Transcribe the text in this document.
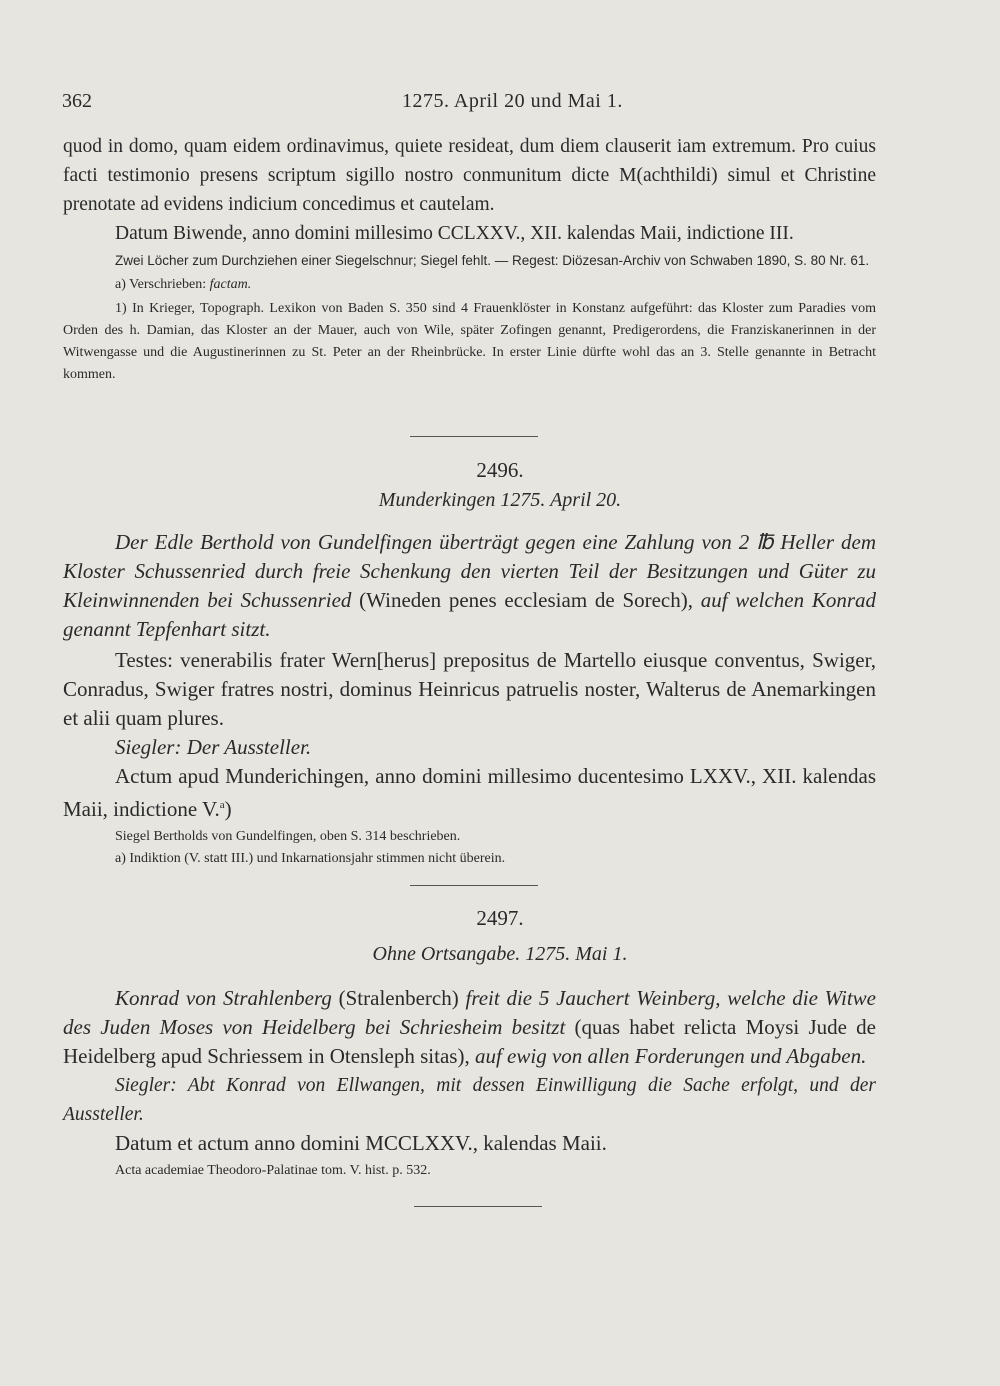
362	1275. April 20 und Mai 1.

quod in domo, quam eidem ordinavimus, quiete resideat, dum diem clauserit iam extremum. Pro cuius facti testimonio presens scriptum sigillo nostro conmunitum dicte M(achthildi) simul et Christine prenotate ad evidens indicium concedimus et cautelam.

Datum Biwende, anno domini millesimo CCLXXV., XII. kalendas Maii, indictione III.

Zwei Löcher zum Durchziehen einer Siegelschnur; Siegel fehlt. — Regest: Diözesan-Archiv von Schwaben 1890, S. 80 Nr. 61.

a) Verschrieben: factam.

1) In Krieger, Topograph. Lexikon von Baden S. 350 sind 4 Frauenklöster in Konstanz aufgeführt: das Kloster zum Paradies vom Orden des h. Damian, das Kloster an der Mauer, auch von Wile, später Zofingen genannt, Predigerordens, die Franziskanerinnen in der Witwengasse und die Augustinerinnen zu St. Peter an der Rheinbrücke. In erster Linie dürfte wohl das an 3. Stelle genannte in Betracht kommen.

2496.
Munderkingen 1275. April 20.

Der Edle Berthold von Gundelfingen überträgt gegen eine Zahlung von 2 ℔ Heller dem Kloster Schussenried durch freie Schenkung den vierten Teil der Besitzungen und Güter zu Kleinwinnenden bei Schussenried (Wineden penes ecclesiam de Sorech), auf welchen Konrad genannt Tepfenhart sitzt.

Testes: venerabilis frater Wern[herus] prepositus de Martello eiusque conventus, Swiger, Conradus, Swiger fratres nostri, dominus Heinricus patruelis noster, Walterus de Anemarkingen et alii quam plures.

Siegler: Der Aussteller.

Actum apud Munderichingen, anno domini millesimo ducentesimo LXXV., XII. kalendas Maii, indictione V.$^a$)

Siegel Bertholds von Gundelfingen, oben S. 314 beschrieben.

a) Indiktion (V. statt III.) und Inkarnationsjahr stimmen nicht überein.

2497.
Ohne Ortsangabe. 1275. Mai 1.

Konrad von Strahlenberg (Stralenberch) freit die 5 Jauchert Weinberg, welche die Witwe des Juden Moses von Heidelberg bei Schriesheim besitzt (quas habet relicta Moysi Jude de Heidelberg apud Schriessem in Otensleph sitas), auf ewig von allen Forderungen und Abgaben.

Siegler: Abt Konrad von Ellwangen, mit dessen Einwilligung die Sache erfolgt, und der Aussteller.

Datum et actum anno domini MCCLXXV., kalendas Maii.

Acta academiae Theodoro-Palatinae tom. V. hist. p. 532.
